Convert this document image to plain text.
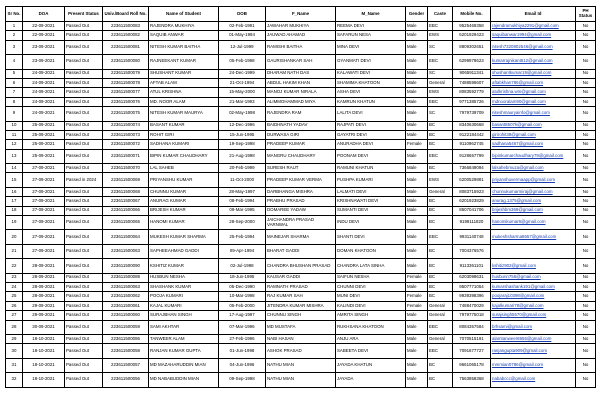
Sr No.	DOA	Present Status	Univ./Board Roll No.	Name of Student	DOB	F_Name	M_Name	Gender	Caste	Mobile No.	Email Id	PH Status
1	22-09-2021	Passed Out	223611500083	RAJENDRA MUKHIYA	02-Feb-1991	JAWAHAR MUKHIYA	REEMA DEVI	Male	EBC	9525469358	rajendramukhiya2291@gmail.com	No
2	22-09-2021	Passed Out	223611500082	SAQUIB ANWAR	01-May-1994	JAUWAD AHAMAD	SAFARUN NESA	Male	EWS	6201929423	saquibanwar1994@gmail.com	No
3	23-09-2021	Passed Out	223611500081	NITESH KUMAR BAITHA	12-Jul-1999	RAMISHI BAITHA	MINA DEVI	Male	SC	8809302651	nitesh7320802546@gmail.com	No
4	23-09-2021	Passed Out	223611500080	RAJNEEKANT KUMAR	05-Feb-1998	GAURISHANKAR SAH	GYANMATI DEVI	Male	EBC	6299978623	kumarrajnikant612@gmail.com	No
5	24-09-2021	Passed Out	223611500079	SHUSHANT KUMAR	24-Dec-1999	DHARAM NATH DAS	KALAWATI DEVI	Male	SC	9065911341	shushantkumar19@gmail.com	No
6	24-09-2021	Passed Out	223611500078	AFTAB ALAM	21-Oct-1994	ABDUL HAKIM KHAN	SHAMIMA KHATOON	Male	General	7488596607	aftabkhan786@gmail.com	No
7	24-09-2021	Passed Out	223611500077	ATUL KRISHNA	15-May-2000	MANOJ KUMAR NIRALA	ASHA DEVI	Male	EWS	8083592779	atulkrishna.wm@gmail.com	No
8	24-09-2021	Passed Out	223611500076	MD. NOOR ALAM	21-Mar-1993	ALIMMOHAMMAD MIYA	KAMRUN KHATUN	Male	EBC	9771385726	mdnooralam90@gmail.com	No
9	24-09-2021	Passed Out	223611500075	NITESH KUMAR MAURYA	02-May-1998	RAJENDRA RAM	LALITA DEVI	Male	SC	7979739709	niteshmauryainfo@gmail.com	No
10	25-09-2021	Passed Out	223611500074	BASANT KUMAR	12-Dec-1996	BAIDHNATH YADAV	RAJPATI DEVI	Male	BC	8340630668	basant8507k@gmail.com	No
11	25-09-2021	Passed Out	223611500073	ROHIT GIRI	15-Jun-1995	DURWASA GIRI	GAYATRI DEVI	Male	BC	9122184442	girirohit38@gmail.com	No
12	25-09-2021	Passed Out	223611500072	SADHANA KUMARI	19-Sep-1998	PRADEEP KUMAR	ANURADHA DEVI	Female	BC	9110962745	sadhana5467@gmail.com	No
13	25-09-2021	Passed Out	223611500071	BIPIN KUMAR CHAUDHARY	21-Aug-1998	MANGRU CHAUDHARY	POONAM DEVI	Male	EBC	9128657799	bipinkumarchaudhary79@gmail.com	No
14	27-09-2021	Passed Out	223611500070	LAL SAHEB	20-Feb-1999	SURESH RAUT	RAMUNI KHATUN	Male	BC	7366849094	lalsahebmuza@gmail.com	No
15	27-09-2021	Passed in 2024	223611500069	PRIYANSHU KUMAR	11-Oct-2000	PRADEEP KUMAR VERMA	PUSHPA KUMARI	Male	EWS	6200529881	priyanshuvermaapp@gmail.com	No
16	27-09-2021	Passed Out	223611500068	CHUNNU KUMAR	28-May-1997	DARBHANGA MISHRA	LALMATI DEVI	Male	General	8083715923	chunnukumarmiraj@gmail.com	No
17	27-09-2021	Passed Out	223611500067	ANURAG KUMAR	08-Feb-1994	PRABHU PRASAD	KRISHNAWATI DEVI	Male	BC	6201923829	anurag.1375@gmail.com	No
18	27-09-2021	Passed Out	223611500066	BRIJESH KUMAR	09-Mar-1995	DOMAREE YADAW	SUMANTI DEVI	Male	BC	8507041706	brijeshbm369@gmail.com	No
19	27-09-2021	Passed Out	223611500065	HANOMI KUMAR	28-Sep-2000	JAICHANDRA PRASAD VARNWAL	INDU DEVI	Male	BC	9199111820	hanomikumar6@gmail.com	No
20	27-09-2021	Passed Out	223611500064	MUKESH KUMAR SHARMA	25-Feb-1994	MAINEJAR SHARMA	SHANTI DEVI	Male	EBC	9931140748	mukeshsharma8657@gmail.com	No
21	27-09-2021	Passed Out	223611500063	SAPHEEAHMAD GADDI	09-Apr-1994	BHARAT GADDI	DOMAN KHATOON	Male	BC	7004376576		No
22	28-09-2021	Passed Out	223611500090	KSHITIZ KUMAR	02-Jul-1998	CHANDRA BHUSHAN PRASAD	CHANDRA LATA SINHA	Male	BC	9113361101	kshitiz902@gmail.com	No
23	28-09-2021	Passed Out	223611500089	HUSBUN NESHA	18-Jun-1995	KAUSAR GADDI	SAIFUN NESHA	Female	BC	6203098631	husbunn756@gmail.com	No
24	28-09-2021	Passed Out	223611500063	SHASHANK KUMAR	05-Dec-1990	RAMNATH PRASAD	CHUNNI DEVI	Male	BC	9507771054	kumarshashank191@gmail.com	No
25	28-09-2021	Passed Out	223611500062	POOJA KUMARI	10-Mar-1998	RAJ KUMAR SAH	MUNI DEVI	Female	BC	9939398396	poojaraj10398@gmail.com	No
26	29-09-2021	Passed Out	223611500061	KAJAL KUMARI	05-Feb-2000	JITENDRA KUMAR MISHRA	KALINDI DEVI	Female	General	7488470029	kajalkumari78@gmail.com	No
27	29-09-2021	Passed Out	223611500060	SURAJBHAN SINGH	17-Aug-1997	CHUNNU SINGH	AMRITA SINGH	Male	General	7979775018	surajsingh5570@gmail.com	No
28	30-09-2021	Passed Out	223611500059	SAMI AKHTAR	07-Mar-1996	MD MUSTAFA	RUKHSANA KHATOON	Male	EBC	8084357584	brhsami@gmail.com	No
29	18-10-2021	Passed Out	223611500086	TANWEER ALAM	27-Feb-1996	NABI HASAN	ANJU ARA	Male	General	7070515191	alamtanweer8656@gmail.com	No
30	18-10-2021	Passed Out	223611500058	RANJAN KUMAR GUPTA	01-Jun-1998	ASHOK PRASAD	SABEETA DEVI	Male	EBC	7091677727	ranjangupta909@gmail.com	No
31	18-10-2021	Passed Out	223611500057	MD MAZAHARUDDIN MIAN	04-Jun-1996	NATHU MIAN	JAYADA KHATUN	Male	BC	9661065178	mmmian0786@gmail.com	No
32	18-10-2021	Passed Out	223611500056	MD NABABUDDIN MIAN	09-Sep-1998	NATHU MIAN	JAYADA	Male	BC	7563858368	nababccc@gmail.com	No
